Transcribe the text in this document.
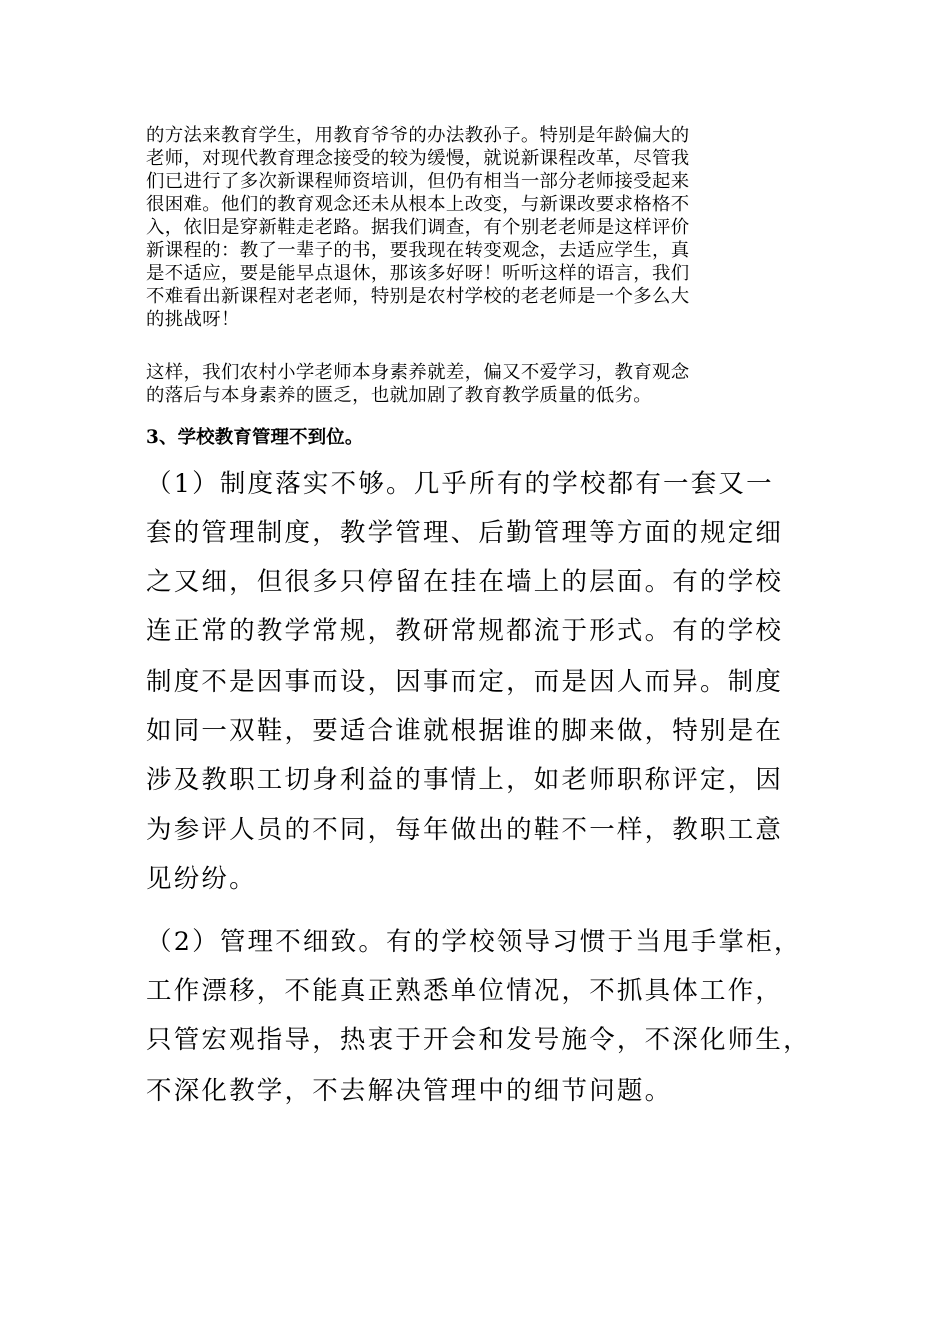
的方法来教育学生，用教育爷爷的办法教孙子。特别是年龄偏大的
老师，对现代教育理念接受的较为缓慢，就说新课程改革，尽管我
们已进行了多次新课程师资培训，但仍有相当一部分老师接受起来
很困难。他们的教育观念还未从根本上改变，与新课改要求格格不
入，依旧是穿新鞋走老路。据我们调查，有个别老老师是这样评价
新课程的：教了一辈子的书，要我现在转变观念，去适应学生，真
是不适应，要是能早点退休，那该多好呀！听听这样的语言，我们
不难看出新课程对老老师，特别是农村学校的老老师是一个多么大
的挑战呀！
这样，我们农村小学老师本身素养就差，偏又不爱学习，教育观念
的落后与本身素养的匮乏，也就加剧了教育教学质量的低劣。
3、学校教育管理不到位。
（1）制度落实不够。几乎所有的学校都有一套又一
套的管理制度，教学管理、后勤管理等方面的规定细
之又细，但很多只停留在挂在墙上的层面。有的学校
连正常的教学常规，教研常规都流于形式。有的学校
制度不是因事而设，因事而定，而是因人而异。制度
如同一双鞋，要适合谁就根据谁的脚来做，特别是在
涉及教职工切身利益的事情上，如老师职称评定，因
为参评人员的不同，每年做出的鞋不一样，教职工意
见纷纷。
（2）管理不细致。有的学校领导习惯于当甩手掌柜，
工作漂移，不能真正熟悉单位情况，不抓具体工作，
只管宏观指导，热衷于开会和发号施令，不深化师生，
不深化教学，不去解决管理中的细节问题。
